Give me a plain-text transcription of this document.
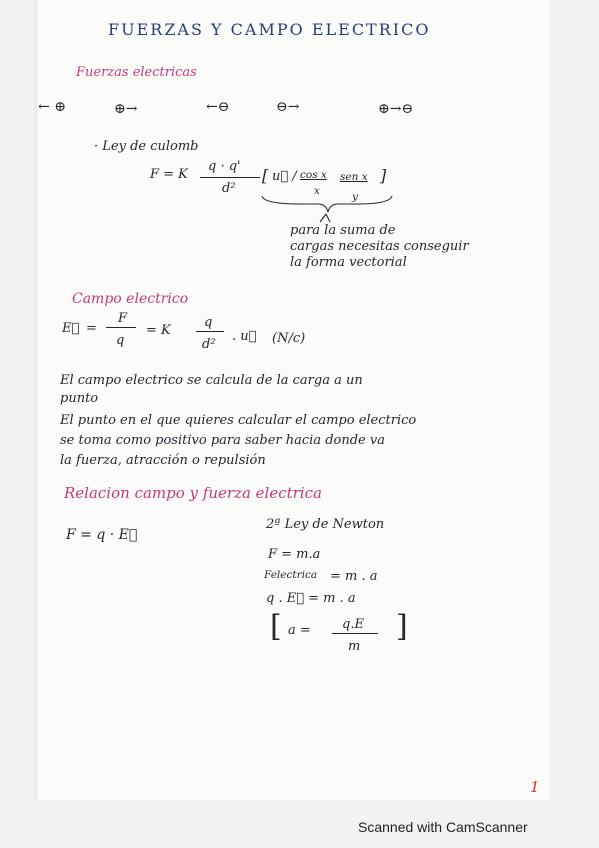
FUERZAS Y CAMPO ELECTRICO
Fuerzas electricas
← ⊕	⊕→	←⊖	⊖→	⊕→⊖
· Ley de culomb
F = K
q · q'
d²
[ u⃗ / cos x sen x ]
x	y
para la suma de
cargas necesitas conseguir
la forma vectorial
Campo electrico
E⃗ =
F
q
= K
q
d²
. u⃗ (N/c)
El campo electrico se calcula de la carga a un
punto
El punto en el que quieres calcular el campo electrico
se toma como positivo para saber hacia donde va
la fuerza, atracción o repulsión
Relacion campo y fuerza electrica
F = q · E⃗
2ª Ley de Newton
F = m.a
Felectrica = m . a
q . E⃗ = m . a
[ a = q.E
m
]
1
Scanned with CamScanner
